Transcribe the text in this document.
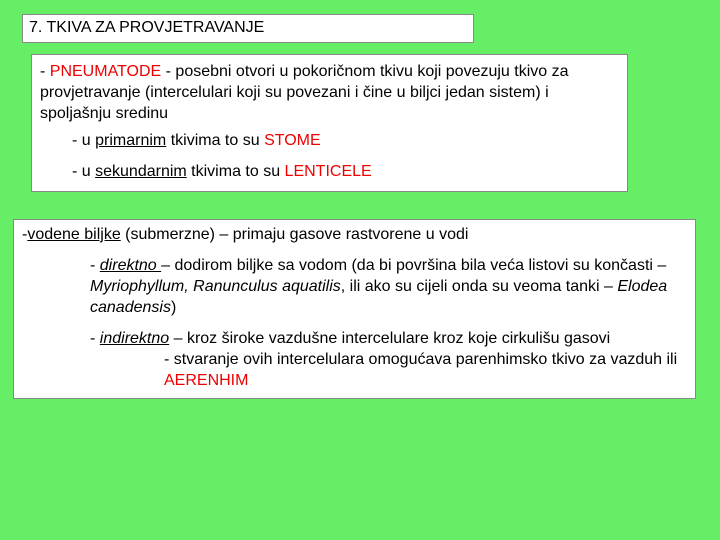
7. TKIVA ZA PROVJETRAVANJE

- PNEUMATODE - posebni otvori u pokoričnom tkivu koji povezuju tkivo za provjetravanje (intercelulari koji su povezani i čine u biljci jedan sistem) i spoljašnju sredinu

- u primarnim tkivima to su STOME

- u sekundarnim tkivima to su LENTICELE

-vodene biljke (submerzne) – primaju gasove rastvorene u vodi

- direktno – dodirom biljke sa vodom (da bi površina bila veća listovi su končasti – Myriophyllum, Ranunculus aquatilis, ili ako su cijeli onda su veoma tanki – Elodea canadensis)

- indirektno – kroz široke vazdušne intercelulare kroz koje cirkulišu gasovi

- stvaranje ovih intercelulara omogućava parenhimsko tkivo za vazduh ili AERENHIM
